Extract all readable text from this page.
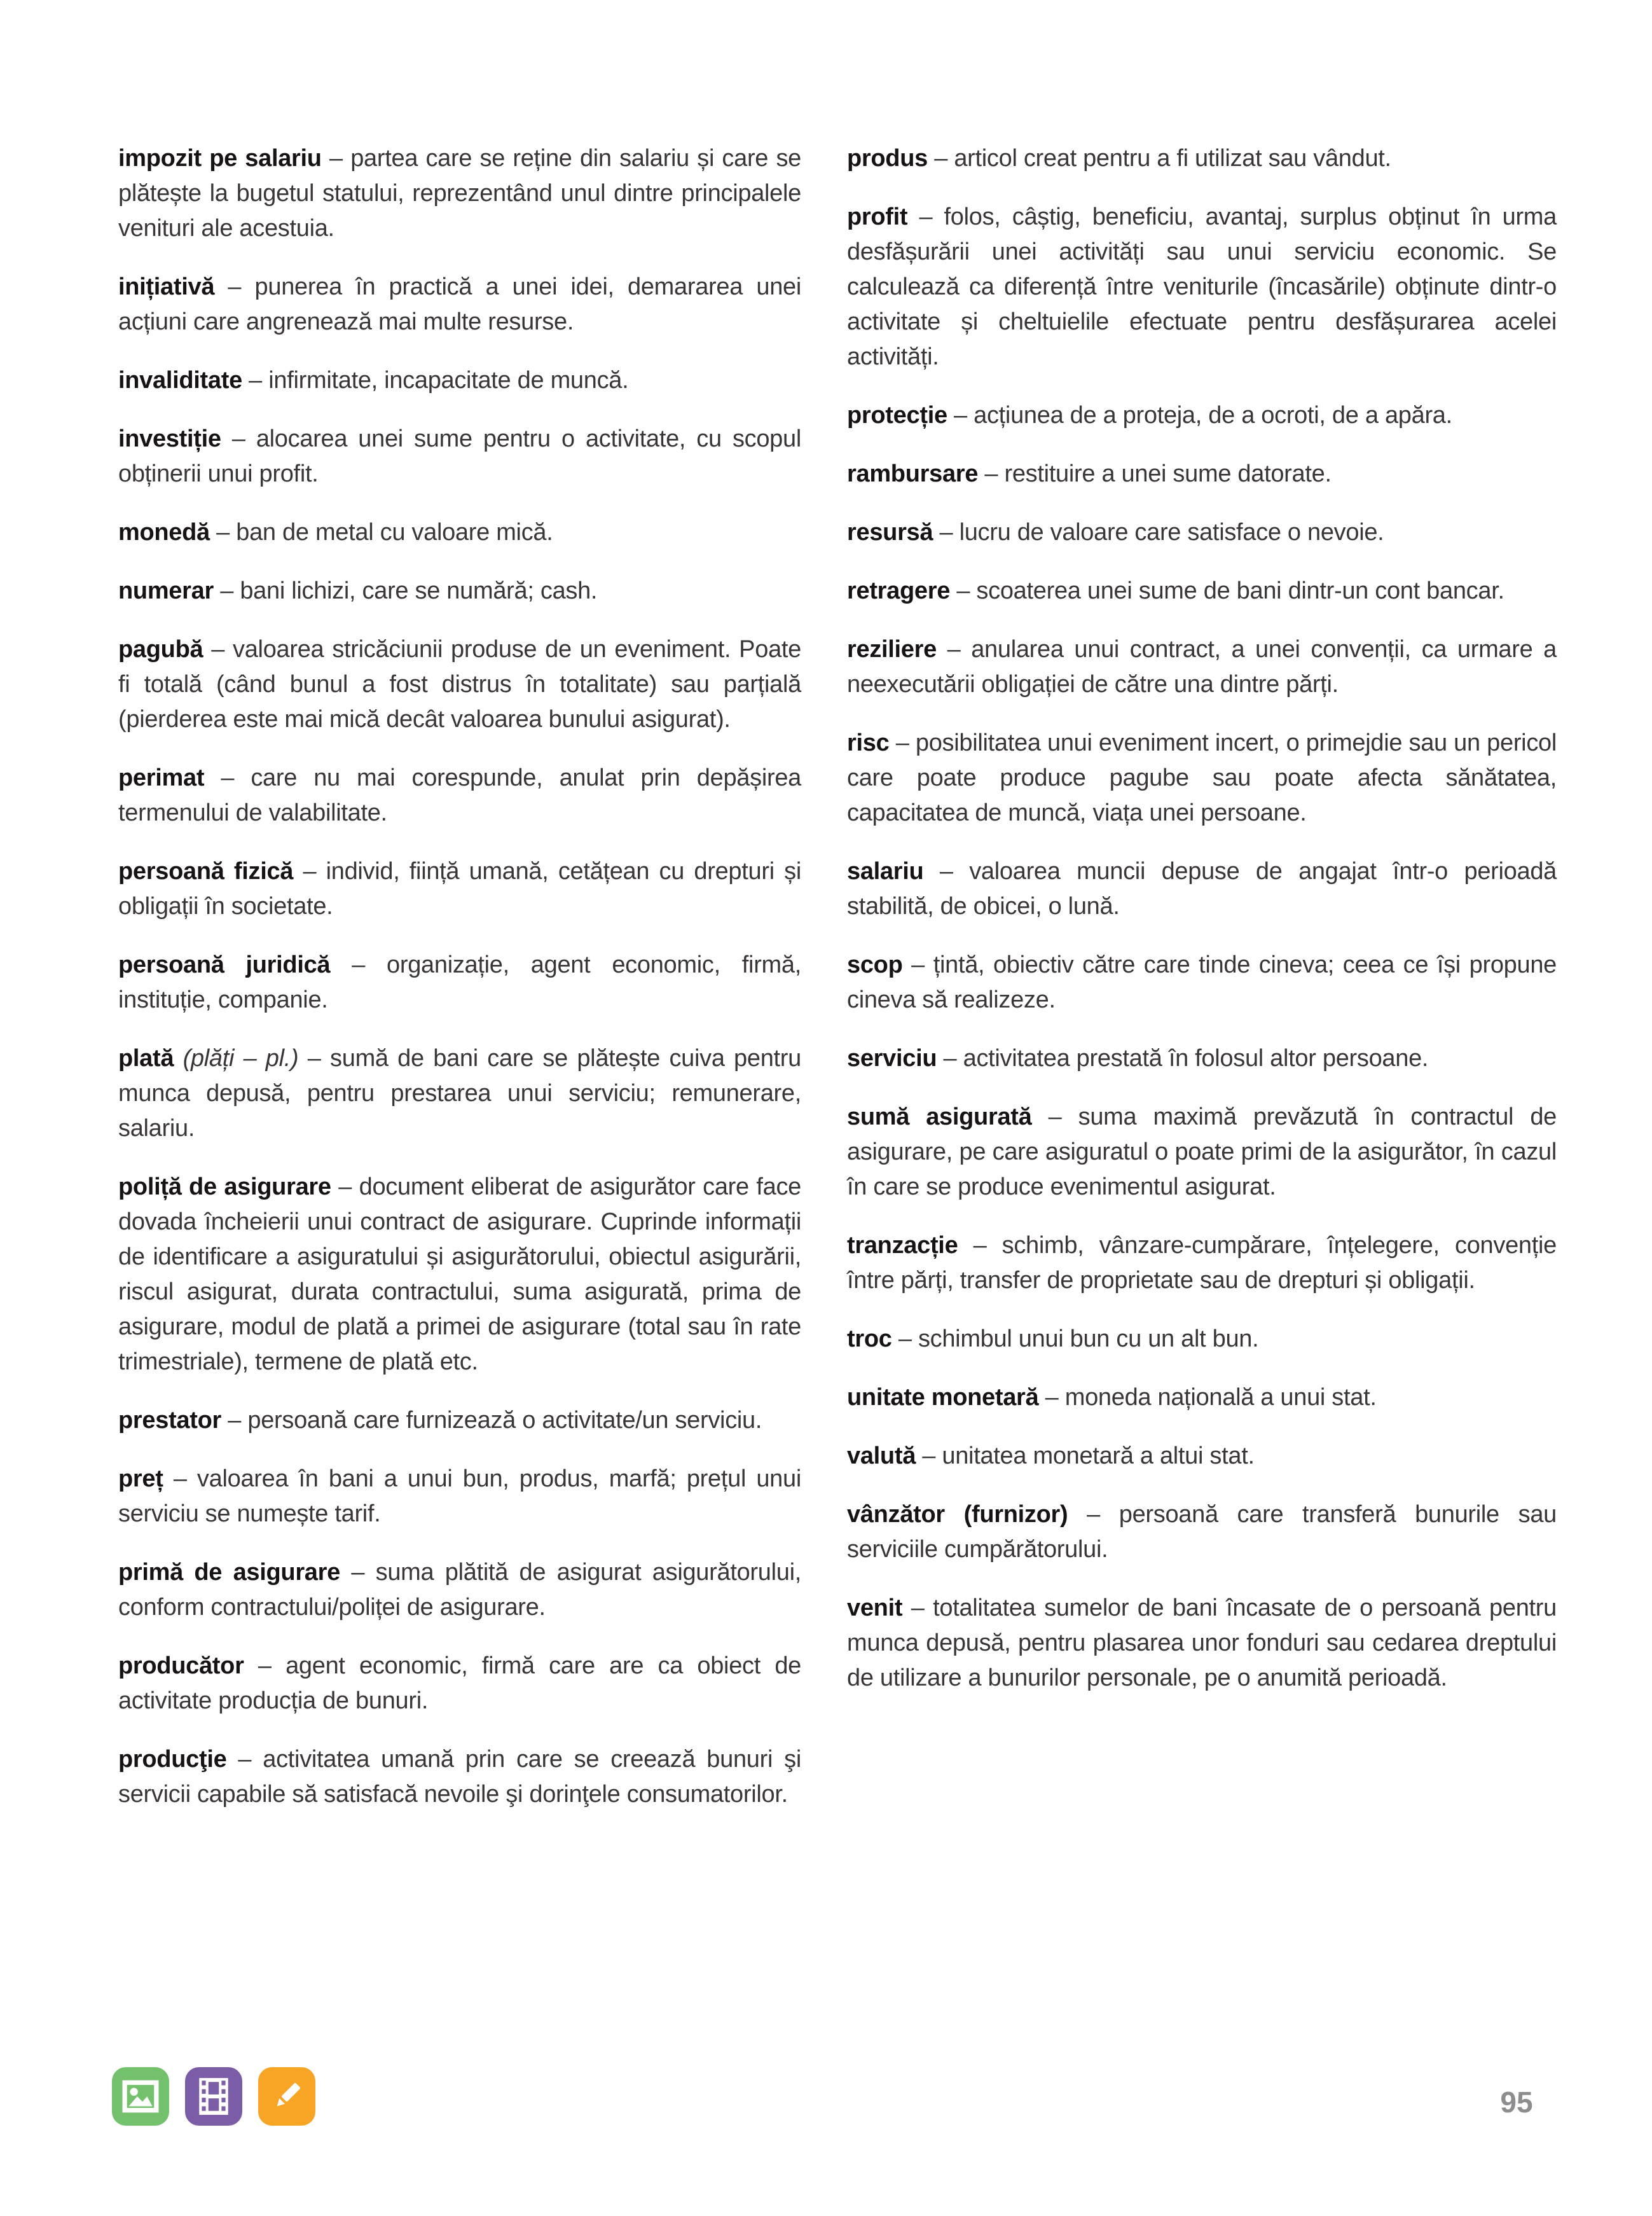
impozit pe salariu – partea care se reține din salariu și care se plătește la bugetul statului, reprezentând unul dintre principalele venituri ale acestuia.

inițiativă – punerea în practică a unei idei, demararea unei acțiuni care angrenează mai multe resurse.

invaliditate – infirmitate, incapacitate de muncă.

investiție – alocarea unei sume pentru o activitate, cu scopul obținerii unui profit.

monedă – ban de metal cu valoare mică.

numerar – bani lichizi, care se numără; cash.

pagubă – valoarea stricăciunii produse de un eveniment. Poate fi totală (când bunul a fost distrus în totalitate) sau parțială (pierderea este mai mică decât valoarea bunului asigurat).

perimat – care nu mai corespunde, anulat prin depășirea termenului de valabilitate.

persoană fizică – individ, ființă umană, cetățean cu drepturi și obligații în societate.

persoană juridică – organizație, agent economic, firmă, instituție, companie.

plată (plăți – pl.) – sumă de bani care se plătește cuiva pentru munca depusă, pentru prestarea unui serviciu; remunerare, salariu.

poliță de asigurare – document eliberat de asigurător care face dovada încheierii unui contract de asigurare. Cuprinde informații de identificare a asiguratului și asigurătorului, obiectul asigurării, riscul asigurat, durata contractului, suma asigurată, prima de asigurare, modul de plată a primei de asigurare (total sau în rate trimestriale), termene de plată etc.

prestator – persoană care furnizează o activitate/un serviciu.

preț – valoarea în bani a unui bun, produs, marfă; prețul unui serviciu se numește tarif.

primă de asigurare – suma plătită de asigurat asigurătorului, conform contractului/poliței de asigurare.

producător – agent economic, firmă care are ca obiect de activitate producția de bunuri.

producţie – activitatea umană prin care se creează bunuri şi servicii capabile să satisfacă nevoile şi dorinţele consumatorilor.

produs – articol creat pentru a fi utilizat sau vândut.

profit – folos, câștig, beneficiu, avantaj, surplus obținut în urma desfășurării unei activități sau unui serviciu economic. Se calculează ca diferență între veniturile (încasările) obținute dintr-o activitate și cheltuielile efectuate pentru desfășurarea acelei activități.

protecție – acțiunea de a proteja, de a ocroti, de a apăra.

rambursare – restituire a unei sume datorate.

resursă – lucru de valoare care satisface o nevoie.

retragere – scoaterea unei sume de bani dintr-un cont bancar.

reziliere – anularea unui contract, a unei convenții, ca urmare a neexecutării obligației de către una dintre părți.

risc – posibilitatea unui eveniment incert, o primejdie sau un pericol care poate produce pagube sau poate afecta sănătatea, capacitatea de muncă, viața unei persoane.

salariu – valoarea muncii depuse de angajat într-o perioadă stabilită, de obicei, o lună.

scop – țintă, obiectiv către care tinde cineva; ceea ce își propune cineva să realizeze.

serviciu – activitatea prestată în folosul altor persoane.

sumă asigurată – suma maximă prevăzută în contractul de asigurare, pe care asiguratul o poate primi de la asigurător, în cazul în care se produce evenimentul asigurat.

tranzacție – schimb, vânzare-cumpărare, înțelegere, convenție între părți, transfer de proprietate sau de drepturi și obligații.

troc – schimbul unui bun cu un alt bun.

unitate monetară – moneda națională a unui stat.

valută – unitatea monetară a altui stat.

vânzător (furnizor) – persoană care transferă bunurile sau serviciile cumpărătorului.

venit – totalitatea sumelor de bani încasate de o persoană pentru munca depusă, pentru plasarea unor fonduri sau cedarea dreptului de utilizare a bunurilor personale, pe o anumită perioadă.

95
